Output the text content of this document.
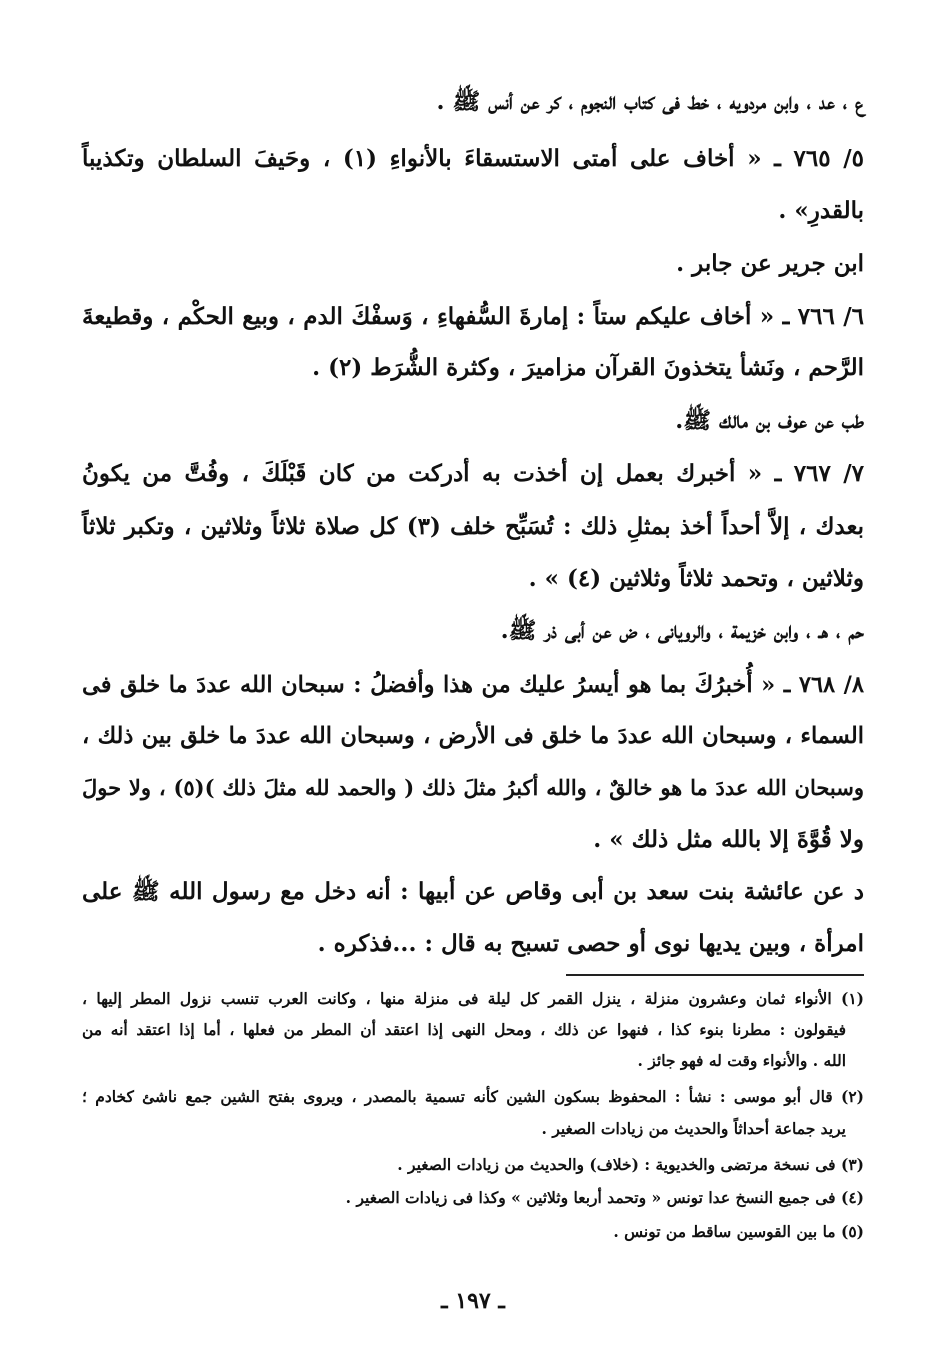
ع ، عد ، وابن مردويه ، خط فى كتاب النجوم ، كر عن أنس ﷺ .
٥/ ٧٦٥ ـ « أخاف على أمتى الاستسقاءَ بالأنواءِ (١) ، وحَيفَ السلطان وتكذيباً
بالقدرِ» .
ابن جرير عن جابر .
٦/ ٧٦٦ ـ « أخاف عليكم ستاً : إمارةَ السُّفهاءِ ، وَسفْكَ الدم ، وبيع الحكْم ، وقطيعةَ
الرَّحم ، ونَشأ يتخذونَ القرآن مزاميرَ ، وكثرة الشُّرَط (٢) .
طب عن عوف بن مالك ﷺ.
٧/ ٧٦٧ ـ « أخبرك بعمل إن أخذت به أدركت من كان قَبْلَكَ ، وفُتَّ من يكونُ
بعدك ، إلاَّ أحداً أخذ بمثلِ ذلك : تُسَبِّح خلف (٣) كل صلاة ثلاثاً وثلاثين ، وتكبر ثلاثاً
وثلاثين ، وتحمد ثلاثاً وثلاثين (٤) » .
حم ، هـ ، وابن خزيمة ، والرويانى ، ض عن أبى ذر ﷺ.
٨/ ٧٦٨ ـ « أُخبرُكَ بما هو أيسرُ عليك من هذا وأفضلُ : سبحان الله عددَ ما خلق فى
السماء ، وسبحان الله عددَ ما خلق فى الأرض ، وسبحان الله عددَ ما خلق بين ذلك ،
وسبحان الله عددَ ما هو خالقٌ ، والله أكبرُ مثلَ ذلك ( والحمد لله مثلَ ذلك )(٥) ، ولا حولَ
ولا قُوَّةَ إلا بالله مثل ذلك » .
د عن عائشة بنت سعد بن أبى وقاص عن أبيها : أنه دخل مع رسول الله ﷺ على
امرأة ، وبين يديها نوى أو حصى تسبح به قال : ...فذكره .
(١) الأنواء ثمان وعشرون منزلة ، ينزل القمر كل ليلة فى منزلة منها ، وكانت العرب تنسب نزول المطر إليها ،
فيقولون : مطرنا بنوء كذا ، فنهوا عن ذلك ، ومحل النهى إذا اعتقد أن المطر من فعلها ، أما إذا اعتقد أنه من
الله . والأنواء وقت له فهو جائز .
(٢) قال أبو موسى : نشأ : المحفوظ بسكون الشين كأنه تسمية بالمصدر ، ويروى بفتح الشين جمع ناشئ كخادم ؛
يريد جماعة أحداثاً والحديث من زيادات الصغير .
(٣) فى نسخة مرتضى والخديوية : (خلاف) والحديث من زيادات الصغير .
(٤) فى جميع النسخ عدا تونس « وتحمد أربعا وثلاثين » وكذا فى زيادات الصغير .
(٥) ما بين القوسين ساقط من تونس .
ـ ١٩٧ ـ
